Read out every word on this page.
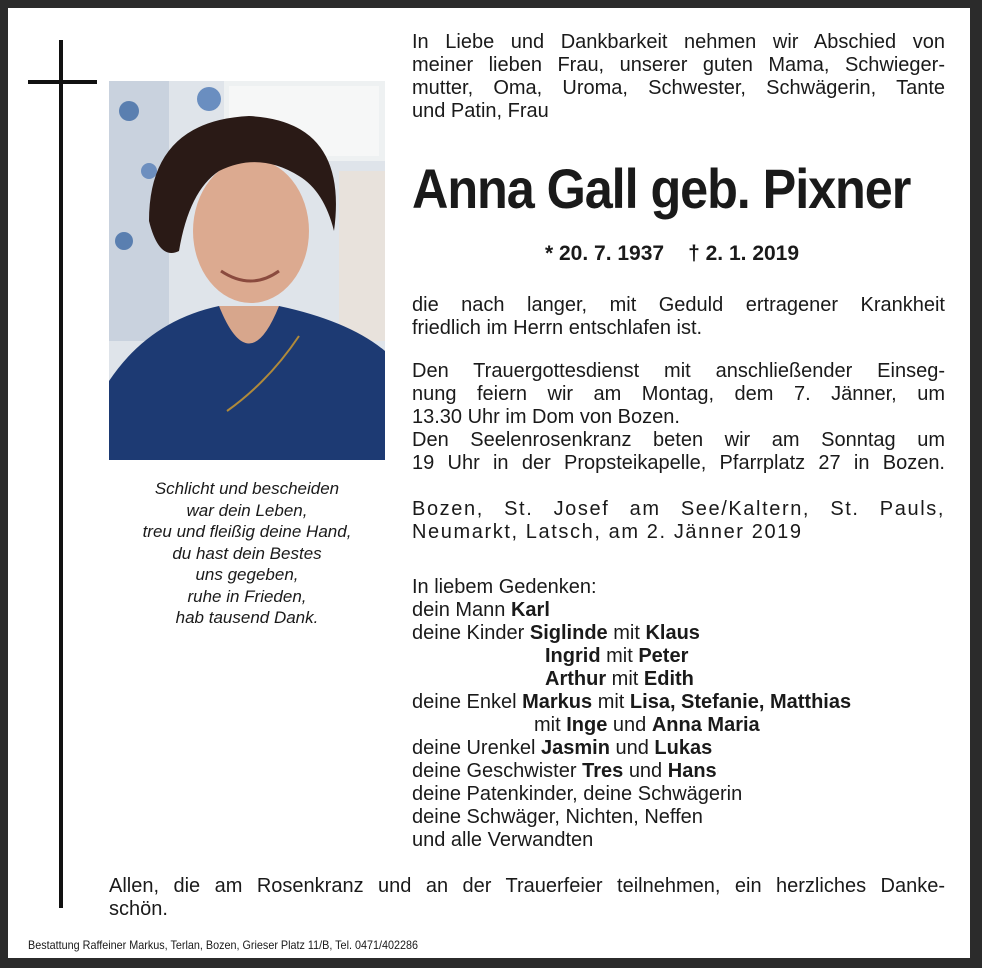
Schlicht und bescheiden
war dein Leben,
treu und fleißig deine Hand,
du hast dein Bestes
uns gegeben,
ruhe in Frieden,
hab tausend Dank.
In Liebe und Dankbarkeit nehmen wir Abschied von
meiner lieben Frau, unserer guten Mama, Schwieger-
mutter, Oma, Uroma, Schwester, Schwägerin, Tante
und Patin, Frau
Anna Gall geb. Pixner
* 20. 7. 1937 † 2. 1. 2019
die nach langer, mit Geduld ertragener Krankheit
friedlich im Herrn entschlafen ist.
Den Trauergottesdienst mit anschließender Einseg-
nung feiern wir am Montag, dem 7. Jänner, um
13.30 Uhr im Dom von Bozen.
Den Seelenrosenkranz beten wir am Sonntag um
19 Uhr in der Propsteikapelle, Pfarrplatz 27 in Bozen.
Bozen, St. Josef am See/Kaltern, St. Pauls,
Neumarkt, Latsch, am 2. Jänner 2019
In liebem Gedenken:
dein Mann Karl
deine Kinder Siglinde mit Klaus
Ingrid mit Peter
Arthur mit Edith
deine Enkel Markus mit Lisa, Stefanie, Matthias
mit Inge und Anna Maria
deine Urenkel Jasmin und Lukas
deine Geschwister Tres und Hans
deine Patenkinder, deine Schwägerin
deine Schwäger, Nichten, Neffen
und alle Verwandten
Allen, die am Rosenkranz und an der Trauerfeier teilnehmen, ein herzliches Danke-
schön.
Bestattung Raffeiner Markus, Terlan, Bozen, Grieser Platz 11/B, Tel. 0471/402286
